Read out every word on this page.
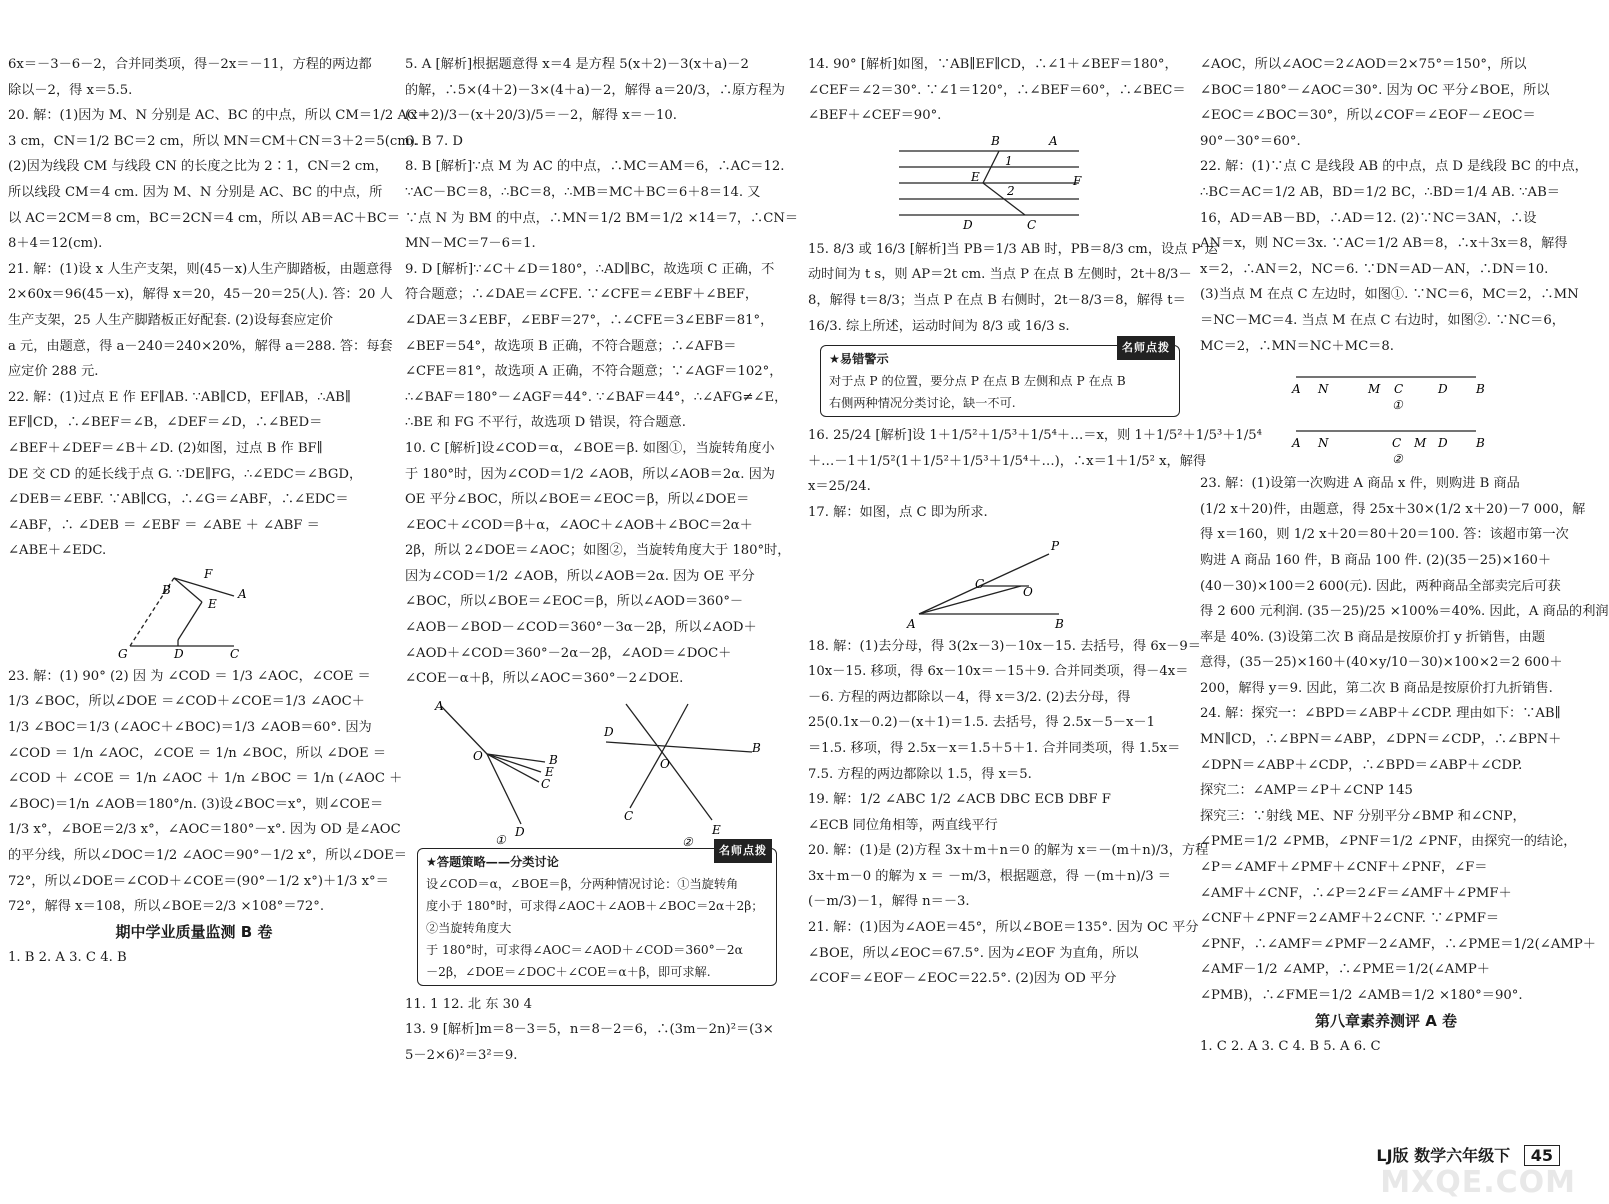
6x＝－3－6－2，合并同类项，得－2x＝－11，方程的两边都

除以－2，得 x＝5.5.

20. 解：(1)因为 M、N 分别是 AC、BC 的中点，所以 CM＝1/2 AC＝

3 cm，CN＝1/2 BC＝2 cm，所以 MN＝CM＋CN＝3＋2＝5(cm).

(2)因为线段 CM 与线段 CN 的长度之比为 2∶1，CN＝2 cm，

所以线段 CM＝4 cm. 因为 M、N 分别是 AC、BC 的中点，所

以 AC＝2CM＝8 cm，BC＝2CN＝4 cm，所以 AB＝AC＋BC＝

8＋4＝12(cm).

21. 解：(1)设 x 人生产支架，则(45－x)人生产脚踏板，由题意得

2×60x＝96(45－x)，解得 x＝20，45－20＝25(人). 答：20 人

生产支架，25 人生产脚踏板正好配套. (2)设每套应定价

a 元，由题意，得 a－240＝240×20%，解得 a＝288. 答：每套

应定价 288 元.

22. 解：(1)过点 E 作 EF∥AB. ∵AB∥CD，EF∥AB，∴AB∥

EF∥CD，∴∠BEF＝∠B，∠DEF＝∠D，∴∠BED＝

∠BEF＋∠DEF＝∠B＋∠D. (2)如图，过点 B 作 BF∥

DE 交 CD 的延长线于点 G. ∵DE∥FG，∴∠EDC＝∠BGD，

∠DEB＝∠EBF. ∵AB∥CG，∴∠G＝∠ABF，∴∠EDC＝

∠ABF，∴ ∠DEB ＝ ∠EBF ＝ ∠ABE ＋ ∠ABF ＝

∠ABE＋∠EDC.

F
B	A
E
G	D	C

23. 解：(1) 90° (2) 因 为 ∠COD ＝ 1/3 ∠AOC，∠COE ＝

1/3 ∠BOC，所以∠DOE ＝∠COD＋∠COE＝1/3 ∠AOC＋

1/3 ∠BOC＝1/3 (∠AOC＋∠BOC)＝1/3 ∠AOB＝60°. 因为

∠COD ＝ 1/n ∠AOC，∠COE ＝ 1/n ∠BOC，所以 ∠DOE ＝

∠COD ＋ ∠COE ＝ 1/n ∠AOC ＋ 1/n ∠BOC ＝ 1/n (∠AOC ＋

∠BOC)＝1/n ∠AOB＝180°/n. (3)设∠BOC＝x°，则∠COE＝

1/3 x°，∠BOE＝2/3 x°，∠AOC＝180°－x°. 因为 OD 是∠AOC

的平分线，所以∠DOC＝1/2 ∠AOC＝90°－1/2 x°，所以∠DOE＝

72°，所以∠DOE＝∠COD＋∠COE＝(90°－1/2 x°)＋1/3 x°＝

72°，解得 x＝108，所以∠BOE＝2/3 ×108°＝72°.

期中学业质量监测 B 卷

1. B 2. A 3. C 4. B

5. A [解析]根据题意得 x＝4 是方程 5(x＋2)－3(x＋a)－2

的解，∴5×(4＋2)－3×(4＋a)－2，解得 a＝20/3，∴原方程为

(x＋2)/3－(x＋20/3)/5＝－2，解得 x＝－10.

6. B 7. D

8. B [解析]∵点 M 为 AC 的中点，∴MC＝AM＝6，∴AC＝12.

∵AC－BC＝8，∴BC＝8，∴MB＝MC＋BC＝6＋8＝14. 又

∵点 N 为 BM 的中点，∴MN＝1/2 BM＝1/2 ×14＝7，∴CN＝

MN－MC＝7－6＝1.

9. D [解析]∵∠C＋∠D＝180°，∴AD∥BC，故选项 C 正确，不

符合题意；∴∠DAE＝∠CFE. ∵∠CFE＝∠EBF＋∠BEF，

∠DAE＝3∠EBF，∠EBF＝27°，∴∠CFE＝3∠EBF＝81°，

∠BEF＝54°，故选项 B 正确，不符合题意；∴∠AFB＝

∠CFE＝81°，故选项 A 正确，不符合题意；∵∠AGF＝102°，

∴∠BAF＝180°－∠AGF＝44°. ∵∠BAF＝44°，∴∠AFG≠∠E，

∴BE 和 FG 不平行，故选项 D 错误，符合题意.

10. C [解析]设∠COD＝α，∠BOE＝β. 如图①，当旋转角度小

于 180°时，因为∠COD＝1/2 ∠AOB，所以∠AOB＝2α. 因为

OE 平分∠BOC，所以∠BOE＝∠EOC＝β，所以∠DOE＝

∠EOC＋∠COD＝β＋α，∠AOC＋∠AOB＋∠BOC＝2α＋

2β，所以 2∠DOE＝∠AOC；如图②，当旋转角度大于 180°时，

因为∠COD＝1/2 ∠AOB，所以∠AOB＝2α. 因为 OE 平分

∠BOC，所以∠BOE＝∠EOC＝β，所以∠AOD＝360°－

∠AOB－∠BOD－∠COD＝360°－3α－2β，所以∠AOD＋

∠AOD＋∠COD＝360°－2α－2β，∠AOD＝∠DOC＋

∠COE－α＋β，所以∠AOC＝360°－2∠DOE.

A
O	B
E
C
D
①
D
B
O
C
E
②
名师点拨
★答题策略——分类讨论
设∠COD＝α，∠BOE＝β，分两种情况讨论：①当旋转角
度小于 180°时，可求得∠AOC＋∠AOB＋∠BOC＝2α＋2β；②当旋转角度大
于 180°时，可求得∠AOC＝∠AOD＋∠COD＝360°－2α
－2β，∠DOE＝∠DOC＋∠COE＝α＋β，即可求解.

11. 1 12. 北 东 30 4

13. 9 [解析]m＝8－3＝5，n＝8－2＝6，∴(3m－2n)²＝(3×

5－2×6)²＝3²＝9.

14. 90° [解析]如图，∵AB∥EF∥CD，∴∠1＋∠BEF＝180°，

∠CEF＝∠2＝30°. ∵∠1＝120°，∴∠BEF＝60°，∴∠BEC＝

∠BEF＋∠CEF＝90°.

B	A
E
1
F
2
D	C

15. 8/3 或 16/3 [解析]当 PB＝1/3 AB 时，PB＝8/3 cm，设点 P 运

动时间为 t s，则 AP＝2t cm. 当点 P 在点 B 左侧时，2t＋8/3－

8，解得 t＝8/3；当点 P 在点 B 右侧时，2t－8/3＝8，解得 t＝

16/3. 综上所述，运动时间为 8/3 或 16/3 s.

名师点拨
★易错警示
对于点 P 的位置，要分点 P 在点 B 左侧和点 P 在点 B
右侧两种情况分类讨论，缺一不可.

16. 25/24 [解析]设 1＋1/5²＋1/5³＋1/5⁴＋…＝x，则 1＋1/5²＋1/5³＋1/5⁴

＋…－1＋1/5²(1＋1/5²＋1/5³＋1/5⁴＋…)，∴x＝1＋1/5² x，解得

x＝25/24.

17. 解：如图，点 C 即为所求.

A
P
C
O
B

18. 解：(1)去分母，得 3(2x－3)－10x－15. 去括号，得 6x－9＝

10x－15. 移项，得 6x－10x＝－15＋9. 合并同类项，得－4x＝

－6. 方程的两边都除以－4，得 x＝3/2. (2)去分母，得

25(0.1x－0.2)－(x＋1)＝1.5. 去括号，得 2.5x－5－x－1

＝1.5. 移项，得 2.5x－x＝1.5＋5＋1. 合并同类项，得 1.5x＝

7.5. 方程的两边都除以 1.5，得 x＝5.

19. 解：1/2 ∠ABC 1/2 ∠ACB DBC ECB DBF F

∠ECB 同位角相等，两直线平行

20. 解：(1)是 (2)方程 3x＋m＋n＝0 的解为 x＝－(m＋n)/3，方程

3x＋m－0 的解为 x ＝ －m/3，根据题意，得 －(m＋n)/3 ＝

(－m/3)－1，解得 n＝－3.

21. 解：(1)因为∠AOE＝45°，所以∠BOE＝135°. 因为 OC 平分

∠BOE，所以∠EOC＝67.5°. 因为∠EOF 为直角，所以

∠COF＝∠EOF－∠EOC＝22.5°. (2)因为 OD 平分

∠AOC，所以∠AOC＝2∠AOD＝2×75°＝150°，所以

∠BOC＝180°－∠AOC＝30°. 因为 OC 平分∠BOE，所以

∠EOC＝∠BOC＝30°，所以∠COF＝∠EOF－∠EOC＝

90°－30°＝60°.

22. 解：(1)∵点 C 是线段 AB 的中点，点 D 是线段 BC 的中点，

∴BC＝AC＝1/2 AB，BD＝1/2 BC，∴BD＝1/4 AB. ∵AB＝

16，AD＝AB－BD，∴AD＝12. (2)∵NC＝3AN，∴设

AN＝x，则 NC＝3x. ∵AC＝1/2 AB＝8，∴x＋3x＝8，解得

x＝2，∴AN＝2，NC＝6. ∵DN＝AD－AN，∴DN＝10.

(3)当点 M 在点 C 左边时，如图①. ∵NC＝6，MC＝2，∴MN

＝NC－MC＝4. 当点 M 在点 C 右边时，如图②. ∵NC＝6，

MC＝2，∴MN＝NC＋MC＝8.

A N	M C	D B
①
A N	C M D B
②

23. 解：(1)设第一次购进 A 商品 x 件，则购进 B 商品

(1/2 x＋20)件，由题意，得 25x＋30×(1/2 x＋20)－7 000，解

得 x＝160，则 1/2 x＋20＝80＋20＝100. 答：该超市第一次

购进 A 商品 160 件，B 商品 100 件. (2)(35－25)×160＋

(40－30)×100＝2 600(元). 因此，两种商品全部卖完后可获

得 2 600 元利润. (35－25)/25 ×100%＝40%. 因此，A 商品的利润

率是 40%. (3)设第二次 B 商品是按原价打 y 折销售，由题

意得，(35－25)×160＋(40×y/10－30)×100×2＝2 600＋

200，解得 y＝9. 因此，第二次 B 商品是按原价打九折销售.

24. 解：探究一：∠BPD＝∠ABP＋∠CDP. 理由如下：∵AB∥

MN∥CD，∴∠BPN＝∠ABP，∠DPN＝∠CDP，∴∠BPN＋

∠DPN＝∠ABP＋∠CDP，∴∠BPD＝∠ABP＋∠CDP.

探究二：∠AMP＝∠P＋∠CNP 145

探究三：∵射线 ME、NF 分别平分∠BMP 和∠CNP，

∠PME＝1/2 ∠PMB，∠PNF＝1/2 ∠PNF，由探究一的结论，

∠P＝∠AMF＋∠PMF＋∠CNF＋∠PNF，∠F＝

∠AMF＋∠CNF，∴∠P＝2∠F＝∠AMF＋∠PMF＋

∠CNF＋∠PNF＝2∠AMF＋2∠CNF. ∵∠PMF＝

∠PNF，∴∠AMF＝∠PMF－2∠AMF，∴∠PME＝1/2(∠AMP＋

∠AMF－1/2 ∠AMP，∴∠PME＝1/2(∠AMP＋

∠PMB)，∴∠FME＝1/2 ∠AMB＝1/2 ×180°＝90°.

第八章素养测评 A 卷

1. C 2. A 3. C 4. B 5. A 6. C

LJ版 数学六年级下 45
MXQE.COM
